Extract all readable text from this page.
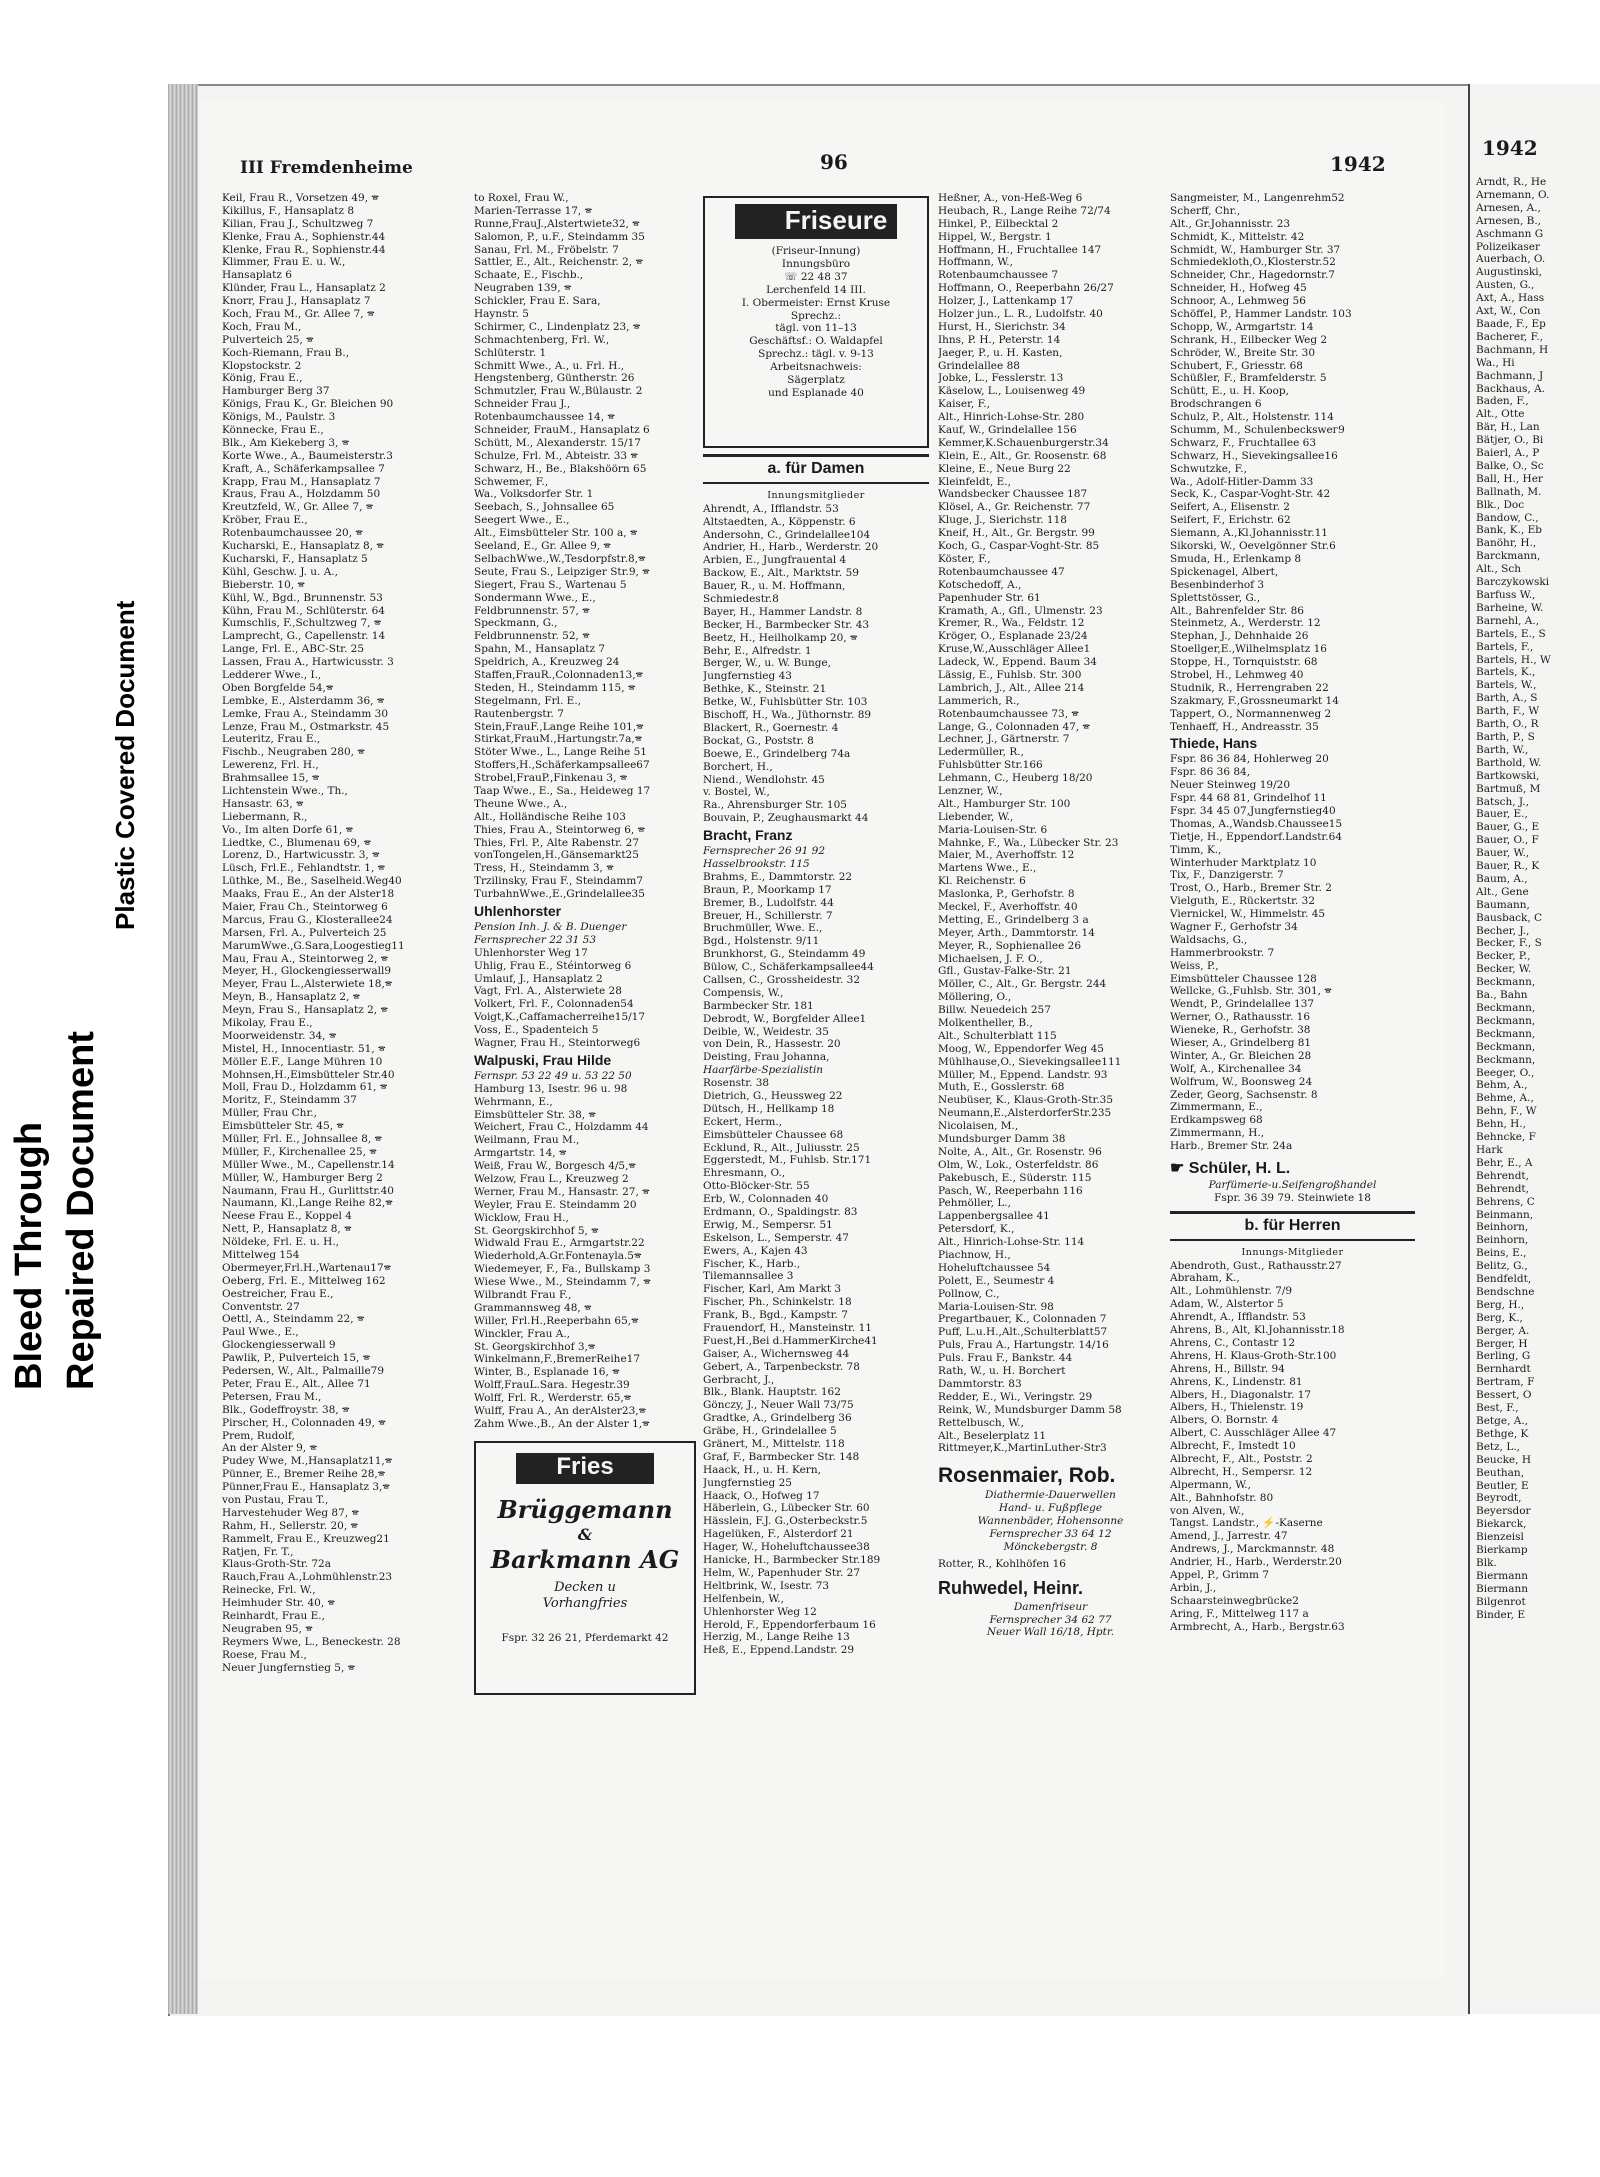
Bleed Through Repaired Document
Plastic Covered Document
III Fremdenheime	96	1942
Keil, Frau R., Vorsetzen 49, 🕿
Kikillus, F., Hansaplatz 8
Kilian, Frau J., Schultzweg 7
Klenke, Frau A., Sophienstr.44
Klenke, Frau R., Sophienstr.44
Klimmer, Frau E. u. W.,
Hansaplatz 6
Klünder, Frau L., Hansaplatz 2
Knorr, Frau J., Hansaplatz 7
Koch, Frau M., Gr. Allee 7, 🕿
Koch, Frau M.,
Pulverteich 25, 🕿
Koch-Riemann, Frau B.,
Klopstockstr. 2
König, Frau E.,
Hamburger Berg 37
Königs, Frau K., Gr. Bleichen 90
Königs, M., Paulstr. 3
Könnecke, Frau E.,
Blk., Am Kiekeberg 3, 🕿
Korte Wwe., A., Baumeisterstr.3
Kraft, A., Schäferkampsallee 7
Krapp, Frau M., Hansaplatz 7
Kraus, Frau A., Holzdamm 50
Kreutzfeld, W., Gr. Allee 7, 🕿
Kröber, Frau E.,
Rotenbaumchaussee 20, 🕿
Kucharski, E., Hansaplatz 8, 🕿
Kucharski, F., Hansaplatz 5
Kühl, Geschw. J. u. A.,
Bieberstr. 10, 🕿
Kühl, W., Bgd., Brunnenstr. 53
Kühn, Frau M., Schlüterstr. 64
Kumschlis, F.,Schultzweg 7, 🕿
Lamprecht, G., Capellenstr. 14
Lange, Frl. E., ABC-Str. 25
Lassen, Frau A., Hartwicusstr. 3
Ledderer Wwe., I.,
Oben Borgfelde 54,🕿
Lembke, E., Alsterdamm 36, 🕿
Lemke, Frau A., Steindamm 30
Lenze, Frau M., Ostmarkstr. 45
Leuteritz, Frau E.,
Fischb., Neugraben 280, 🕿
Lewerenz, Frl. H.,
Brahmsallee 15, 🕿
Lichtenstein Wwe., Th.,
Hansastr. 63, 🕿
Liebermann, R.,
Vo., Im alten Dorfe 61, 🕿
Liedtke, C., Blumenau 69, 🕿
Lorenz, D., Hartwicusstr. 3, 🕿
Lüsch, Frl.E., Fehlandtstr. 1, 🕿
Lüthke, M., Be., Saselheid.Weg40
Maaks, Frau E., An der Alster18
Maier, Frau Ch., Steintorweg 6
Marcus, Frau G., Klosterallee24
Marsen, Frl. A., Pulverteich 25
MarumWwe.,G.Sara,Loogestieg11
Mau, Frau A., Steintorweg 2, 🕿
Meyer, H., Glockengiesserwall9
Meyer, Frau L.,Alsterwiete 18,🕿
Meyn, B., Hansaplatz 2, 🕿
Meyn, Frau S., Hansaplatz 2, 🕿
Mikolay, Frau E.,
Moorweidenstr. 34, 🕿
Mistel, H., Innocentiastr. 51, 🕿
Möller E.F., Lange Mühren 10
Mohnsen,H.,Eimsbütteler Str.40
Moll, Frau D., Holzdamm 61, 🕿
Moritz, F., Steindamm 37
Müller, Frau Chr.,
Eimsbütteler Str. 45, 🕿
Müller, Frl. E., Johnsallee 8, 🕿
Müller, F., Kirchenallee 25, 🕿
Müller Wwe., M., Capellenstr.14
Müller, W., Hamburger Berg 2
Naumann, Frau H., Gurlittstr.40
Naumann, Kl.,Lange Reihe 82,🕿
Neese Frau E., Koppel 4
Nett, P., Hansaplatz 8, 🕿
Nöldeke, Frl. E. u. H.,
Mittelweg 154
Obermeyer,Frl.H.,Wartenau17🕿
Oeberg, Frl. E., Mittelweg 162
Oestreicher, Frau E.,
Conventstr. 27
Oettl, A., Steindamm 22, 🕿
Paul Wwe., E.,
Glockengiesserwall 9
Pawlik, P., Pulverteich 15, 🕿
Pedersen, W., Alt., Palmaille79
Peter, Frau E., Alt., Allee 71
Petersen, Frau M.,
Blk., Godeffroystr. 38, 🕿
Pirscher, H., Colonnaden 49, 🕿
Prem, Rudolf,
An der Alster 9, 🕿
Pudey Wwe, M.,Hansaplatz11,🕿
Pünner, E., Bremer Reihe 28,🕿
Pünner,Frau E., Hansaplatz 3,🕿
von Pustau, Frau T.,
Harvestehuder Weg 87, 🕿
Rahm, H., Sellerstr. 20, 🕿
Rammelt, Frau E., Kreuzweg21
Ratjen, Fr. T.,
Klaus-Groth-Str. 72a
Rauch,Frau A.,Lohmühlenstr.23
Reinecke, Frl. W.,
Heimhuder Str. 40, 🕿
Reinhardt, Frau E.,
Neugraben 95, 🕿
Reymers Wwe, L., Beneckestr. 28
Roese, Frau M.,
Neuer Jungfernstieg 5, 🕿
to Roxel, Frau W.,
Marien-Terrasse 17, 🕿
Runne,FrauJ.,Alstertwiete32, 🕿
Salomon, P., u.F., Steindamm 35
Sanau, Frl. M., Fröbelstr. 7
Sattler, E., Alt., Reichenstr. 2, 🕿
Schaate, E., Fischb.,
Neugraben 139, 🕿
Schickler, Frau E. Sara,
Haynstr. 5
Schirmer, C., Lindenplatz 23, 🕿
Schmachtenberg, Frl. W.,
Schlüterstr. 1
Schmitt Wwe., A., u. Frl. H.,
Hengstenberg, Güntherstr. 26
Schmutzler, Frau W.,Bülaustr. 2
Schneider Frau J.,
Rotenbaumchaussee 14, 🕿
Schneider, FrauM., Hansaplatz 6
Schütt, M., Alexanderstr. 15/17
Schulze, Frl. M., Abteistr. 33 🕿
Schwarz, H., Be., Blakshöörn 65
Schwemer, F.,
Wa., Volksdorfer Str. 1
Seebach, S., Johnsallee 65
Seegert Wwe., E.,
Alt., Eimsbütteler Str. 100 a, 🕿
Seeland, E., Gr. Allee 9, 🕿
SelbachWwe.,W.,Tesdorpfstr.8,🕿
Seute, Frau S., Leipziger Str.9, 🕿
Siegert, Frau S., Wartenau 5
Sondermann Wwe., E.,
Feldbrunnenstr. 57, 🕿
Speckmann, G.,
Feldbrunnenstr. 52, 🕿
Spahn, M., Hansaplatz 7
Speldrich, A., Kreuzweg 24
Staffen,FrauR.,Colonnaden13,🕿
Steden, H., Steindamm 115, 🕿
Stegelmann, Frl. E.,
Rautenbergstr. 7
Stein,FrauF.,Lange Reihe 101,🕿
Stirkat,FrauM.,Hartungstr.7a,🕿
Stöter Wwe., L., Lange Reihe 51
Stoffers,H.,Schäferkampsallee67
Strobel,FrauP.,Finkenau 3, 🕿
Taap Wwe., E., Sa., Heideweg 17
Theune Wwe., A.,
Alt., Holländische Reihe 103
Thies, Frau A., Steintorweg 6, 🕿
Thies, Frl. P., Alte Rabenstr. 27
vonTongelen,H.,Gänsemarkt25
Tress, H., Steindamm 3, 🕿
Trzilinsky, Frau F., Steindamm7
TurbahnWwe.,E.,Grindelallee35
Uhlenhorster
Pension Inh. J. & B. Duenger
Fernsprecher 22 31 53
Uhlenhorster Weg 17
Uhlig, Frau E., Stéintorweg 6
Umlauf, J., Hansaplatz 2
Vagt, Frl. A., Alsterwiete 28
Volkert, Frl. F., Colonnaden54
Voigt,K.,Caffamacherreihe15/17
Voss, E., Spadenteich 5
Wagner, Frau H., Steintorweg6
Walpuski, Frau Hilde
Fernspr. 53 22 49 u. 53 22 50
Hamburg 13, Isestr. 96 u. 98
Wehrmann, E.,
Eimsbütteler Str. 38, 🕿
Weichert, Frau C., Holzdamm 44
Weilmann, Frau M.,
Armgartstr. 14, 🕿
Weiß, Frau W., Borgesch 4/5,🕿
Welzow, Frau L., Kreuzweg 2
Werner, Frau M., Hansastr. 27, 🕿
Weyler, Frau E. Steindamm 20
Wicklow, Frau H.,
St. Georgskirchhof 5, 🕿
Widwald Frau E., Armgartstr.22
Wiederhold,A.Gr.Fontenayla.5🕿
Wiedemeyer, F., Fa., Bullskamp 3
Wiese Wwe., M., Steindamm 7, 🕿
Wilbrandt Frau F.,
Grammannsweg 48, 🕿
Willer, Frl.H.,Reeperbahn 65,🕿
Winckler, Frau A.,
St. Georgskirchhof 3,🕿
Winkelmann,F.,BremerReihe17
Winter, B., Esplanade 16, 🕿
Wolff,FrauL.Sara. Hegestr.39
Wolff, Frl. R., Werderstr. 65,🕿
Wulff, Frau A., An derAlster23,🕿
Zahm Wwe.,B., An der Alster 1,🕿
Fries
Brüggemann
&
Barkmann AG
Decken u
Vorhangfries
Fspr. 32 26 21, Pferdemarkt 42
Friseure
(Friseur-Innung)
Innungsbüro
☏ 22 48 37
Lerchenfeld 14 III.
I. Obermeister: Ernst Kruse
Sprechz.:
tägl. von 11–13
Geschäftsf.: O. Waldapfel
Sprechz.: tägl. v. 9-13
Arbeitsnachweis:
Sägerplatz
und Esplanade 40
a. für Damen
Innungsmitglieder
Ahrendt, A., Ifflandstr. 53
Altstaedten, A., Köppenstr. 6
Andersohn, C., Grindelallee104
Andrier, H., Harb., Werderstr. 20
Arbien, E., Jungfrauental 4
Backow, E., Alt., Marktstr. 59
Bauer, R., u. M. Hoffmann,
Schmiedestr.8
Bayer, H., Hammer Landstr. 8
Becker, H., Barmbecker Str. 43
Beetz, H., Heilholkamp 20, 🕿
Behr, E., Alfredstr. 1
Berger, W., u. W. Bunge,
Jungfernstieg 43
Bethke, K., Steinstr. 21
Betke, W., Fuhlsbütter Str. 103
Bischoff, H., Wa., Jüthornstr. 89
Blackert, R., Goernestr. 4
Bockat, G., Poststr. 8
Boewe, E., Grindelberg 74a
Borchert, H.,
Niend., Wendlohstr. 45
v. Bostel, W.,
Ra., Ahrensburger Str. 105
Bouvain, P., Zeughausmarkt 44
Bracht, Franz
Fernsprecher 26 91 92
Hasselbrookstr. 115
Brahms, E., Dammtorstr. 22
Braun, P., Moorkamp 17
Bremer, B., Ludolfstr. 44
Breuer, H., Schillerstr. 7
Bruchmüller, Wwe. E.,
Bgd., Holstenstr. 9/11
Brunkhorst, G., Steindamm 49
Bülow, C., Schäferkampsallee44
Callsen, C., Grossheidestr. 32
Compensis, W.,
Barmbecker Str. 181
Debrodt, W., Borgfelder Allee1
Deible, W., Weidestr. 35
von Dein, R., Hassestr. 20
Deisting, Frau Johanna,
Haarfärbe-Spezialistin
Rosenstr. 38
Dietrich, G., Heussweg 22
Dütsch, H., Hellkamp 18
Eckert, Herm.,
Eimsbütteler Chaussee 68
Ecklund, R., Alt., Juliusstr. 25
Eggerstedt, M., Fuhlsb. Str.171
Ehresmann, O.,
Otto-Blöcker-Str. 55
Erb, W., Colonnaden 40
Erdmann, O., Spaldingstr. 83
Erwig, M., Sempersr. 51
Eskelson, L., Semperstr. 47
Ewers, A., Kajen 43
Fischer, K., Harb.,
Tilemannsallee 3
Fischer, Karl, Am Markt 3
Fischer, Ph., Schinkelstr. 18
Frank, B., Bgd., Kampstr. 7
Frauendorf, H., Mansteinstr. 11
Fuest,H.,Bei d.HammerKirche41
Gaiser, A., Wichernsweg 44
Gebert, A., Tarpenbeckstr. 78
Gerbracht, J.,
Blk., Blank. Hauptstr. 162
Gönczy, J., Neuer Wall 73/75
Gradtke, A., Grindelberg 36
Gräbe, H., Grindelallee 5
Gränert, M., Mittelstr. 118
Graf, F., Barmbecker Str. 148
Haack, H., u. H. Kern,
Jungfernstieg 25
Haack, O., Hofweg 17
Häberlein, G., Lübecker Str. 60
Hässlein, F.J. G.,Osterbeckstr.5
Hagelüken, F., Alsterdorf 21
Hager, W., Hoheluftchaussee38
Hanicke, H., Barmbecker Str.189
Helm, W., Papenhuder Str. 27
Heltbrink, W., Isestr. 73
Helfenbein, W.,
Uhlenhorster Weg 12
Herold, F., Eppendorferbaum 16
Herzig, M., Lange Reihe 13
Heß, E., Eppend.Landstr. 29
Heßner, A., von-Heß-Weg 6
Heubach, R., Lange Reihe 72/74
Hinkel, P., Eilbecktal 2
Hippel, W., Bergstr. 1
Hoffmann, H., Fruchtallee 147
Hoffmann, W.,
Rotenbaumchaussee 7
Hoffmann, O., Reeperbahn 26/27
Holzer, J., Lattenkamp 17
Holzer jun., L. R., Ludolfstr. 40
Hurst, H., Sierichstr. 34
Ihns, P. H., Peterstr. 14
Jaeger, P., u. H. Kasten,
Grindelallee 88
Jobke, L., Fesslerstr. 13
Käselow, L., Louisenweg 49
Kaiser, F.,
Alt., Hinrich-Lohse-Str. 280
Kauf, W., Grindelallee 156
Kemmer,K.Schauenburgerstr.34
Klein, E., Alt., Gr. Roosenstr. 68
Kleine, E., Neue Burg 22
Kleinfeldt, E.,
Wandsbecker Chaussee 187
Klösel, A., Gr. Reichenstr. 77
Kluge, J., Sierichstr. 118
Kneif, H., Alt., Gr. Bergstr. 99
Koch, G., Caspar-Voght-Str. 85
Köster, F.,
Rotenbaumchaussee 47
Kotschedoff, A.,
Papenhuder Str. 61
Kramath, A., Gfl., Ulmenstr. 23
Kremer, R., Wa., Feldstr. 12
Kröger, O., Esplanade 23/24
Kruse,W.,Ausschläger Allee1
Ladeck, W., Eppend. Baum 34
Lässig, E., Fuhlsb. Str. 300
Lambrich, J., Alt., Allee 214
Lammerich, R.,
Rotenbaumchaussee 73, 🕿
Lange, G., Colonnaden 47, 🕿
Lechner, J., Gärtnerstr. 7
Ledermüller, R.,
Fuhlsbütter Str.166
Lehmann, C., Heuberg 18/20
Lenzner, W.,
Alt., Hamburger Str. 100
Liebender, W.,
Maria-Louisen-Str. 6
Mahnke, F., Wa., Lübecker Str. 23
Maier, M., Averhoffstr. 12
Martens Wwe., E.,
Kl. Reichenstr. 6
Maslonka, P., Gerhofstr. 8
Meckel, F., Averhoffstr. 40
Metting, E., Grindelberg 3 a
Meyer, Arth., Dammtorstr. 14
Meyer, R., Sophienallee 26
Michaelsen, J. F. O.,
Gfl., Gustav-Falke-Str. 21
Möller, C., Alt., Gr. Bergstr. 244
Möllering, O.,
Billw. Neuedeich 257
Molkentheller, B.,
Alt., Schulterblatt 115
Moog, W., Eppendorfer Weg 45
Mühlhause,O., Sievekingsallee111
Müller, M., Eppend. Landstr. 93
Muth, E., Gosslerstr. 68
Neubüser, K., Klaus-Groth-Str.35
Neumann,E.,AlsterdorferStr.235
Nicolaisen, M.,
Mundsburger Damm 38
Nolte, A., Alt., Gr. Rosenstr. 96
Olm, W., Lok., Osterfeldstr. 86
Pakebusch, E., Süderstr. 115
Pasch, W., Reeperbahn 116
Pehmöller, L.,
Lappenbergsallee 41
Petersdorf, K.,
Alt., Hinrich-Lohse-Str. 114
Piachnow, H.,
Hoheluftchaussee 54
Polett, E., Seumestr 4
Pollnow, C.,
Maria-Louisen-Str. 98
Pregartbauer, K., Colonnaden 7
Puff, L.u.H.,Alt.,Schulterblatt57
Puls, Frau A., Hartungstr. 14/16
Puls. Frau F., Bankstr. 44
Rath, W., u. H. Borchert
Dammtorstr. 83
Redder, E., Wi., Veringstr. 29
Reink, W., Mundsburger Damm 58
Rettelbusch, W.,
Alt., Beselerplatz 11
Rittmeyer,K.,MartinLuther-Str3
Rosenmaier, Rob.
Diathermie-Dauerwellen
Hand- u. Fußpflege
Wannenbäder, Hohensonne
Fernsprecher 33 64 12
Mönckebergstr. 8
Rotter, R., Kohlhöfen 16
Ruhwedel, Heinr.
Damenfriseur
Fernsprecher 34 62 77
Neuer Wall 16/18, Hptr.
Sangmeister, M., Langenrehm52
Scherff, Chr.,
Alt., Gr.Johannisstr. 23
Schmidt, K., Mittelstr. 42
Schmidt, W., Hamburger Str. 37
Schmiedekloth,O.,Klosterstr.52
Schneider, Chr., Hagedornstr.7
Schneider, H., Hofweg 45
Schnoor, A., Lehmweg 56
Schöffel, P., Hammer Landstr. 103
Schopp, W., Armgartstr. 14
Schrank, H., Eilbecker Weg 2
Schröder, W., Breite Str. 30
Schubert, F., Griesstr. 68
Schüßler, F., Bramfelderstr. 5
Schütt, E., u. H. Koop,
Brodschrangen 6
Schulz, P., Alt., Holstenstr. 114
Schumm, M., Schulenbeckswег9
Schwarz, F., Fruchtallee 63
Schwarz, H., Sievekingsallee16
Schwutzke, F.,
Wa., Adolf-Hitler-Damm 33
Seck, K., Caspar-Voght-Str. 42
Seifert, A., Elisenstr. 2
Seifert, F., Erichstr. 62
Siemann, A.,Kl.Johannisstr.11
Sikorski, W., Oevelgönner Str.6
Smuda, H., Erlenkamp 8
Spickenagel, Albert,
Besenbinderhof 3
Splettstösser, G.,
Alt., Bahrenfelder Str. 86
Steinmetz, A., Werderstr. 12
Stephan, J., Dehnhaide 26
Stoellger,E.,Wilhelmsplatz 16
Stoppe, H., Tornquiststr. 68
Strobel, H., Lehmweg 40
Studnik, R., Herrengraben 22
Szakmary, F.,Grossneumarkt 14
Tappert, O., Normannenweg 2
Tenhaeff, H., Andreasstr. 35
Thiede, Hans
Fspr. 86 36 84, Hohlerweg 20
Fspr. 86 36 84,
Neuer Steinweg 19/20
Fspr. 44 68 81, Grindelhof 11
Fspr. 34 45 07,Jungfernstieg40
Thomas, A.,Wandsb.Chaussee15
Tietje, H., Eppendorf.Landstr.64
Timm, K.,
Winterhuder Marktplatz 10
Tix, F., Danzigerstr. 7
Trost, O., Harb., Bremer Str. 2
Vielguth, E., Rückertstr. 32
Viernickel, W., Himmelstr. 45
Wagner F., Gerhofstr 34
Waldsachs, G.,
Hammerbrookstr. 7
Weiss, P.,
Eimsbütteler Chaussee 128
Wellcke, G.,Fuhlsb. Str. 301, 🕿
Wendt, P., Grindelallee 137
Werner, O., Rathausstr. 16
Wieneke, R., Gerhofstr. 38
Wieser, A., Grindelberg 81
Winter, A., Gr. Bleichen 28
Wolf, A., Kirchenallee 34
Wolfrum, W., Boonsweg 24
Zeder, Georg, Sachsenstr. 8
Zimmermann, E.,
Erdkampsweg 68
Zimmermann, H.,
Harb., Bremer Str. 24a
☛ Schüler, H. L.
Parfümerie-u.Seifengroßhandel
Fspr. 36 39 79. Steinwiete 18
b. für Herren
Innungs-Mitglieder
Abendroth, Gust., Rathausstr.27
Abraham, K.,
Alt., Lohmühlenstr. 7/9
Adam, W., Alstertor 5
Ahrendt, A., Ifflandstr. 53
Ahrens, B., Alt, Kl.Johannisstr.18
Ahrens, C., Contastr 12
Ahrens, H. Klaus-Groth-Str.100
Ahrens, H., Billstr. 94
Ahrens, K., Lindenstr. 81
Albers, H., Diagonalstr. 17
Albers, H., Thielenstr. 19
Albers, O. Bornstr. 4
Albert, C. Ausschläger Allee 47
Albrecht, F., Imstedt 10
Albrecht, F., Alt., Poststr. 2
Albrecht, H., Sempersr. 12
Alpermann, W.,
Alt., Bahnhofstr. 80
von Alven, W.,
Tangst. Landstr., ⚡-Kaserne
Amend, J., Jarrestr. 47
Andrews, J., Marckmannstr. 48
Andrier, H., Harb., Werderstr.20
Appel, P., Grimm 7
Arbin, J.,
Schaarsteinwegbrücke2
Aring, F., Mittelweg 117 a
Armbrecht, A., Harb., Bergstr.63
1942
Arndt, R., He
Arnemann, O.
Arnesen, A.,
Arnesen, B.,
Aschmann G
Polizeikaser
Auerbach, O.
Augustinski,
Austen, G.,
Axt, A., Hass
Axt, W., Con
Baade, F., Ep
Bacherer, F.,
Bachmann, H
Wa., Hi
Bachmann, J
Backhaus, A.
Baden, F.,
Alt., Otte
Bär, H., Lan
Bätjer, O., Bi
Baierl, A., P
Balke, O., Sc
Ball, H., Her
Ballnath, M.
Blk., Doc
Bandow, C.,
Bank, K., Eb
Banöhr, H.,
Barckmann,
Alt., Sch
Barczykowski
Barfuss W.,
Barheine, W.
Barnehl, A.,
Bartels, E., S
Bartels, F.,
Bartels, H., W
Bartels, K.,
Bartels, W.,
Barth, A., S
Barth, F., W
Barth, O., R
Barth, P., S
Barth, W.,
Barthold, W.
Bartkowski,
Bartmuß, M
Batsch, J.,
Bauer, E.,
Bauer, G., E
Bauer, O., F
Bauer, W.,
Bauer, R., K
Baum, A.,
Alt., Gene
Baumann,
Bausback, C
Becher, J.,
Becker, F., S
Becker, P.,
Becker, W.
Beckmann,
Ba., Bahn
Beckmann,
Beckmann,
Beckmann,
Beckmann,
Beckmann,
Beeger, O.,
Behm, A.,
Behme, A.,
Behn, F., W
Behn, H.,
Behncke, F
Hark
Behr, E., A
Behrendt,
Behrendt,
Behrens, C
Beinmann,
Beinhorn,
Beinhorn,
Beins, E.,
Belitz, G.,
Bendfeldt,
Bendschne
Berg, H.,
Berg, K.,
Berger, A.
Berger, H
Berling, G
Bernhardt
Bertram, F
Bessert, O
Best, F.,
Betge, A.,
Bethge, K
Betz, L.,
Beucke, H
Beuthan,
Beutler, E
Beyrodt,
Beyersdor
Biekarck,
Bienzeisl
Bierkamp
Blk.
Biermann
Biermann
Bilgenrot
Binder, E
